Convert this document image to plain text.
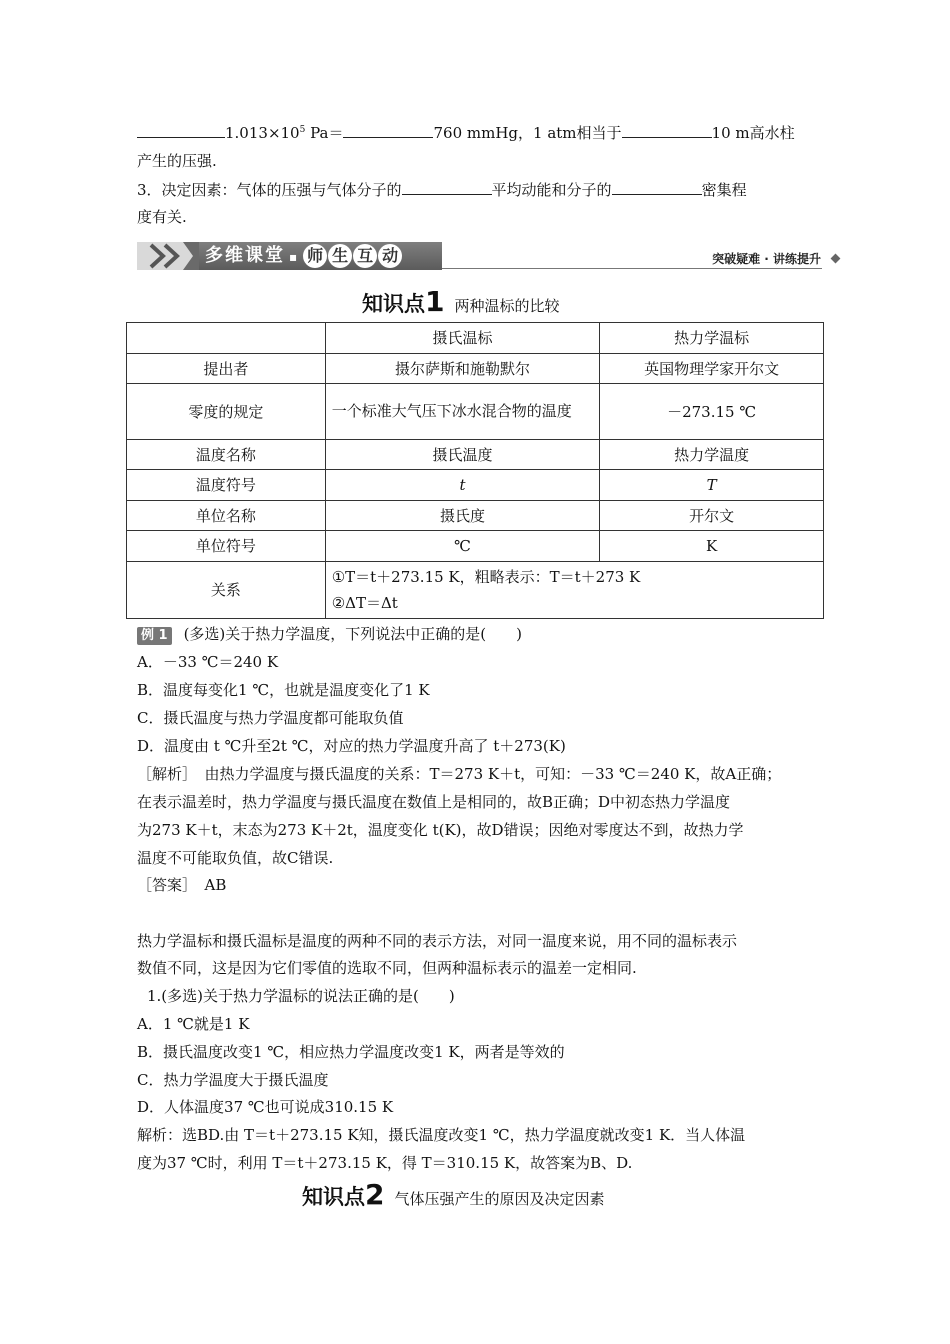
$1.013\times 10^5$ Pa＝	760 mmHg，1 atm相当于	10 m高水柱
产生的压强.
3．决定因素：气体的压强与气体分子的	平均动能和分子的	密集程
度有关.
多维课堂 ▪ 师 生 互 动	突破疑难 · 讲练提升
知识点1 两种温标的比较
	摄氏温标	热力学温标
提出者	摄尔萨斯和施勒默尔	英国物理学家开尔文
零度的规定	一个标准大气压下冰水混合物的温度	－273.15 ℃
温度名称	摄氏温度	热力学温度
温度符号	t	T
单位名称	摄氏度	开尔文
单位符号	℃	K
关系	①T＝t＋273.15 K，粗略表示：T＝t＋273 K
②ΔT＝Δt	
例 1 (多选)关于热力学温度，下列说法中正确的是(　　)
A．－33 ℃＝240 K
B．温度每变化1 ℃，也就是温度变化了1 K
C．摄氏温度与热力学温度都可能取负值
D．温度由 t ℃升至2t ℃，对应的热力学温度升高了 t＋273(K)
［解析］　由热力学温度与摄氏温度的关系：T＝273 K＋t，可知：－33 ℃＝240 K，故A正确；
在表示温差时，热力学温度与摄氏温度在数值上是相同的，故B正确；D中初态热力学温度
为273 K＋t，末态为273 K＋2t，温度变化 t(K)，故D错误；因绝对零度达不到，故热力学
温度不可能取负值，故C错误.
［答案］　AB
热力学温标和摄氏温标是温度的两种不同的表示方法，对同一温度来说，用不同的温标表示
数值不同，这是因为它们零值的选取不同，但两种温标表示的温差一定相同.
1.(多选)关于热力学温标的说法正确的是(　　)
A．1 ℃就是1 K
B．摄氏温度改变1 ℃，相应热力学温度改变1 K，两者是等效的
C．热力学温度大于摄氏温度
D．人体温度37 ℃也可说成310.15 K
解析：选BD.由 T＝t＋273.15 K知，摄氏温度改变1 ℃，热力学温度就改变1 K．当人体温
度为37 ℃时，利用 T＝t＋273.15 K，得 T＝310.15 K，故答案为B、D.
知识点2 气体压强产生的原因及决定因素
